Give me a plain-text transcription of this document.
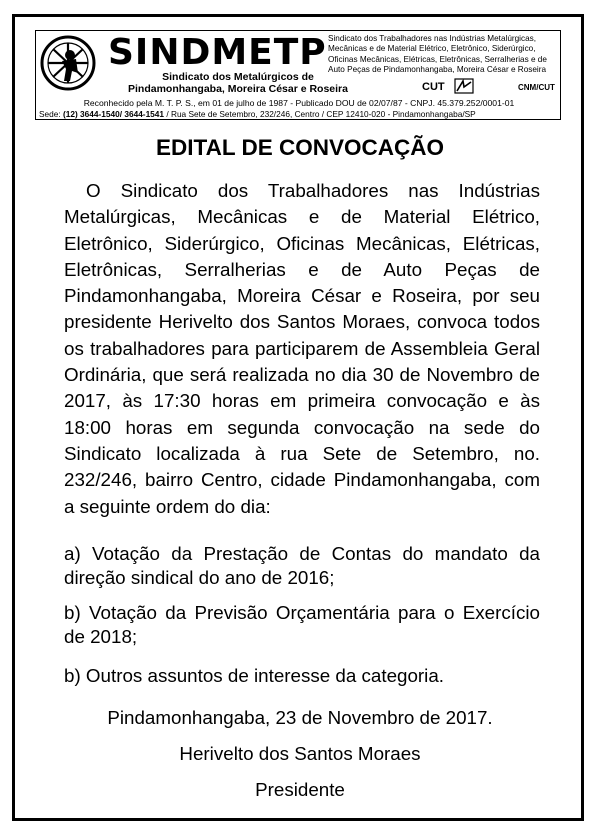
SINDMETP
Sindicato dos Metalúrgicos de
Pindamonhangaba, Moreira César e Roseira
Sindicato dos Trabalhadores nas Indústrias Metalúrgicas,
Mecânicas e de Material Elétrico, Eletrônico, Siderúrgico,
Oficinas Mecânicas, Elétricas, Eletrônicas, Serralherias e de
Auto Peças de Pindamonhangaba, Moreira César e Roseira
CUT	CNM/CUT
Reconhecido pela M. T. P. S., em 01 de julho de 1987 - Publicado DOU de 02/07/87 - CNPJ. 45.379.252/0001-01
Sede: (12) 3644-1540/ 3644-1541 / Rua Sete de Setembro, 232/246, Centro / CEP 12410-020 - Pindamonhangaba/SP
EDITAL DE CONVOCAÇÃO
O Sindicato dos Trabalhadores nas Indústrias Metalúrgicas, Mecânicas e de Material Elétrico, Eletrônico, Siderúrgico, Oficinas Mecânicas, Elétricas, Eletrônicas, Serralherias e de Auto Peças de Pindamonhangaba, Moreira César e Roseira, por seu presidente Herivelto dos Santos Moraes, convoca todos os trabalhadores para participarem de Assembleia Geral Ordinária, que será realizada no dia 30 de Novembro de 2017, às 17:30 horas em primeira convocação e às 18:00 horas em segunda convocação na sede do Sindicato localizada à rua Sete de Setembro, no. 232/246, bairro Centro, cidade Pindamonhangaba, com a seguinte ordem do dia:
a) Votação da Prestação de Contas do mandato da direção sindical do ano de 2016;
b) Votação da Previsão Orçamentária para o Exercício de 2018;
b) Outros assuntos de interesse da categoria.
Pindamonhangaba, 23 de Novembro de 2017.
Herivelto dos Santos Moraes
Presidente
